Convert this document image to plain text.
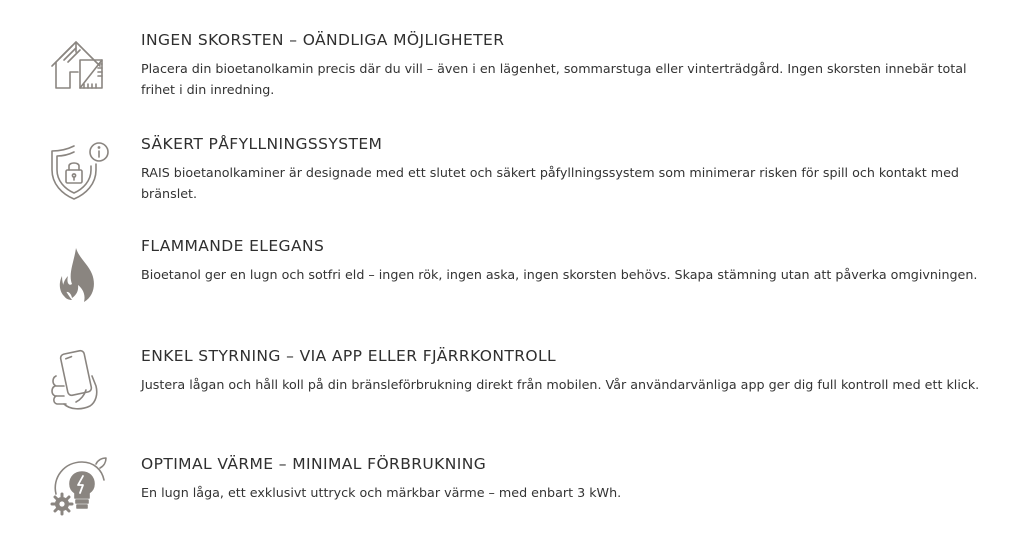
INGEN SKORSTEN – OÄNDLIGA MÖJLIGHETER

Placera din bioetanolkamin precis där du vill – även i en lägenhet, sommarstuga eller vinterträdgård. Ingen skorsten innebär total frihet i din inredning.

SÄKERT PÅFYLLNINGSSYSTEM

RAIS bioetanolkaminer är designade med ett slutet och säkert påfyllningssystem som minimerar risken för spill och kontakt med bränslet.

FLAMMANDE ELEGANS

Bioetanol ger en lugn och sotfri eld – ingen rök, ingen aska, ingen skorsten behövs. Skapa stämning utan att påverka omgivningen.

ENKEL STYRNING – VIA APP ELLER FJÄRRKONTROLL

Justera lågan och håll koll på din bränsleförbrukning direkt från mobilen. Vår användarvänliga app ger dig full kontroll med ett klick.

OPTIMAL VÄRME – MINIMAL FÖRBRUKNING

En lugn låga, ett exklusivt uttryck och märkbar värme – med enbart 3 kWh.
